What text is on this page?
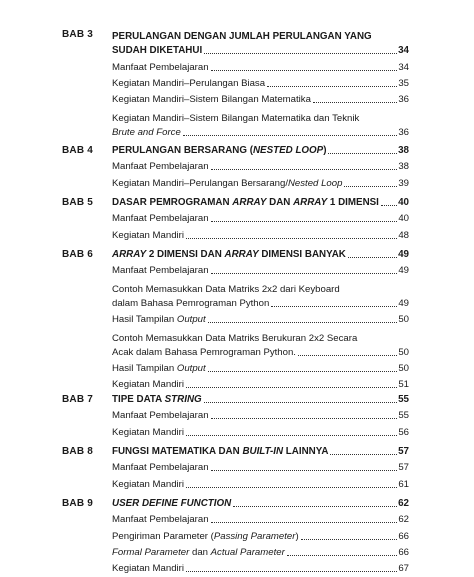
BAB 3 PERULANGAN DENGAN JUMLAH PERULANGAN YANG
SUDAH DIKETAHUI	34
Manfaat Pembelajaran	34
Kegiatan Mandiri–Perulangan Biasa	35
Kegiatan Mandiri–Sistem Bilangan Matematika	36
Kegiatan Mandiri–Sistem Bilangan Matematika dan Teknik
Brute and Force	36
BAB 4 PERULANGAN BERSARANG (NESTED LOOP)	38
Manfaat Pembelajaran	38
Kegiatan Mandiri–Perulangan Bersarang/Nested Loop	39
BAB 5 DASAR PEMROGRAMAN ARRAY DAN ARRAY 1 DIMENSI 40
Manfaat Pembelajaran	40
Kegiatan Mandiri	48
BAB 6 ARRAY 2 DIMENSI DAN ARRAY DIMENSI BANYAK	49
Manfaat Pembelajaran	49
Contoh Memasukkan Data Matriks 2x2 dari Keyboard
dalam Bahasa Pemrograman Python	49
Hasil Tampilan Output	50
Contoh Memasukkan Data Matriks Berukuran 2x2 Secara
Acak dalam Bahasa Pemrograman Python.	50
Hasil Tampilan Output	50
Kegiatan Mandiri	51
BAB 7 TIPE DATA STRING	55
Manfaat Pembelajaran	55
Kegiatan Mandiri	56
BAB 8 FUNGSI MATEMATIKA DAN BUILT-IN LAINNYA	57
Manfaat Pembelajaran	57
Kegiatan Mandiri	61
BAB 9 USER DEFINE FUNCTION	62
Manfaat Pembelajaran	62
Pengiriman Parameter (Passing Parameter)	66
Formal Parameter dan Actual Parameter	66
Kegiatan Mandiri	67
